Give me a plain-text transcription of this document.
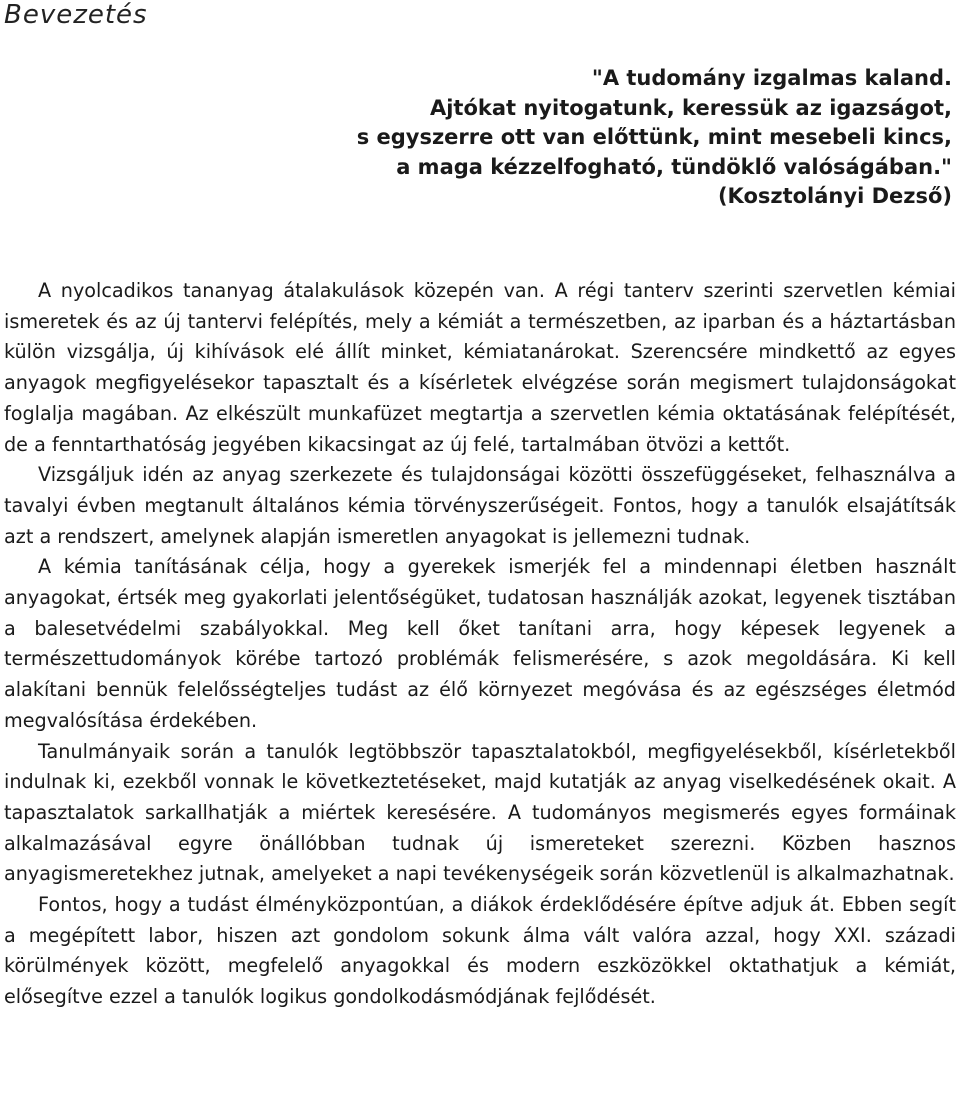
Bevezetés
"A tudomány izgalmas kaland.
Ajtókat nyitogatunk, keressük az igazságot,
s egyszerre ott van előttünk, mint mesebeli kincs,
a maga kézzelfogható, tündöklő valóságában."
(Kosztolányi Dezső)

A nyolcadikos tananyag átalakulások közepén van. A régi tanterv szerinti szervetlen kémiai ismeretek és az új tantervi felépítés, mely a kémiát a természetben, az iparban és a háztartásban külön vizsgálja, új kihívások elé állít minket, kémiatanárokat. Szerencsére mindkettő az egyes anyagok megfigyelésekor tapasztalt és a kísérletek elvégzése során megismert tulajdonságokat foglalja magában. Az elkészült munkafüzet megtartja a szervetlen kémia oktatásának felépítését, de a fenntarthatóság jegyében kikacsingat az új felé, tartalmában ötvözi a kettőt.

Vizsgáljuk idén az anyag szerkezete és tulajdonságai közötti összefüggéseket, felhasználva a tavalyi évben megtanult általános kémia törvényszerűségeit. Fontos, hogy a tanulók elsajátítsák azt a rendszert, amelynek alapján ismeretlen anyagokat is jellemezni tudnak.

A kémia tanításának célja, hogy a gyerekek ismerjék fel a mindennapi életben használt anyagokat, értsék meg gyakorlati jelentőségüket, tudatosan használják azokat, legyenek tisztában a balesetvédelmi szabályokkal. Meg kell őket tanítani arra, hogy képesek legyenek a természettudományok körébe tartozó problémák felismerésére, s azok megoldására. Ki kell alakítani bennük felelősségteljes tudást az élő környezet megóvása és az egészséges életmód megvalósítása érdekében.

Tanulmányaik során a tanulók legtöbbször tapasztalatokból, megfigyelésekből, kísérletekből indulnak ki, ezekből vonnak le következtetéseket, majd kutatják az anyag viselkedésének okait. A tapasztalatok sarkallhatják a miértek keresésére. A tudományos megismerés egyes formáinak alkalmazásával egyre önállóbban tudnak új ismereteket szerezni. Közben hasznos anyagismeretekhez jutnak, amelyeket a napi tevékenységeik során közvetlenül is alkalmazhatnak.

Fontos, hogy a tudást élményközpontúan, a diákok érdeklődésére építve adjuk át. Ebben segít a megépített labor, hiszen azt gondolom sokunk álma vált valóra azzal, hogy XXI. századi körülmények között, megfelelő anyagokkal és modern eszközökkel oktathatjuk a kémiát, elősegítve ezzel a tanulók logikus gondolkodásmódjának fejlődését.
